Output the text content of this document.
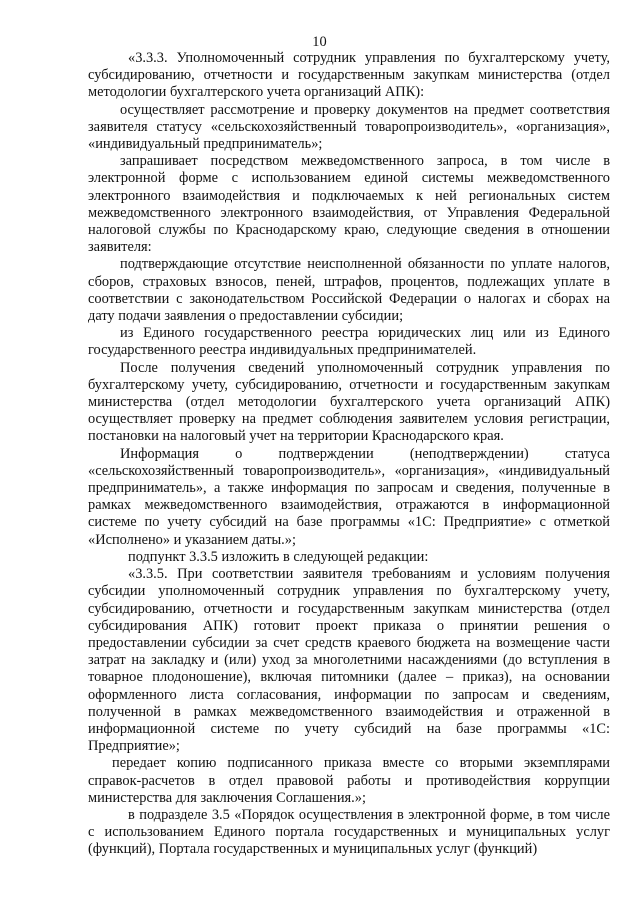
10

«3.3.3. Уполномоченный сотрудник управления по бухгалтерскому учету, субсидированию, отчетности и государственным закупкам министерства (отдел методологии бухгалтерского учета организаций АПК):

осуществляет рассмотрение и проверку документов на предмет соответствия заявителя статусу «сельскохозяйственный товаропроизводитель», «организация», «индивидуальный предприниматель»;

запрашивает посредством межведомственного запроса, в том числе в электронной форме с использованием единой системы межведомственного электронного взаимодействия и подключаемых к ней региональных систем межведомственного электронного взаимодействия, от Управления Федеральной налоговой службы по Краснодарскому краю, следующие сведения в отношении заявителя:

подтверждающие отсутствие неисполненной обязанности по уплате налогов, сборов, страховых взносов, пеней, штрафов, процентов, подлежащих уплате в соответствии с законодательством Российской Федерации о налогах и сборах на дату подачи заявления о предоставлении субсидии;

из Единого государственного реестра юридических лиц или из Единого государственного реестра индивидуальных предпринимателей.

После получения сведений уполномоченный сотрудник управления по бухгалтерскому учету, субсидированию, отчетности и государственным закупкам министерства (отдел методологии бухгалтерского учета организаций АПК) осуществляет проверку на предмет соблюдения заявителем условия регистрации, постановки на налоговый учет на территории Краснодарского края.

Информация о подтверждении (неподтверждении) статуса «сельскохозяйственный товаропроизводитель», «организация», «индивидуальный предприниматель», а также информация по запросам и сведения, полученные в рамках межведомственного взаимодействия, отражаются в информационной системе по учету субсидий на базе программы «1С: Предприятие» с отметкой «Исполнено» и указанием даты.»;

подпункт 3.3.5 изложить в следующей редакции:

«3.3.5. При соответствии заявителя требованиям и условиям получения субсидии уполномоченный сотрудник управления по бухгалтерскому учету, субсидированию, отчетности и государственным закупкам министерства (отдел субсидирования АПК) готовит проект приказа о принятии решения о предоставлении субсидии за счет средств краевого бюджета на возмещение части затрат на закладку и (или) уход за многолетними насаждениями (до вступления в товарное плодоношение), включая питомники (далее – приказ), на основании оформленного листа согласования, информации по запросам и сведениям, полученной в рамках межведомственного взаимодействия и отраженной в информационной системе по учету субсидий на базе программы «1С: Предприятие»;

передает копию подписанного приказа вместе со вторыми экземплярами справок-расчетов в отдел правовой работы и противодействия коррупции министерства для заключения Соглашения.»;

в подразделе 3.5 «Порядок осуществления в электронной форме, в том числе с использованием Единого портала государственных и муниципальных услуг (функций), Портала государственных и муниципальных услуг (функций)
